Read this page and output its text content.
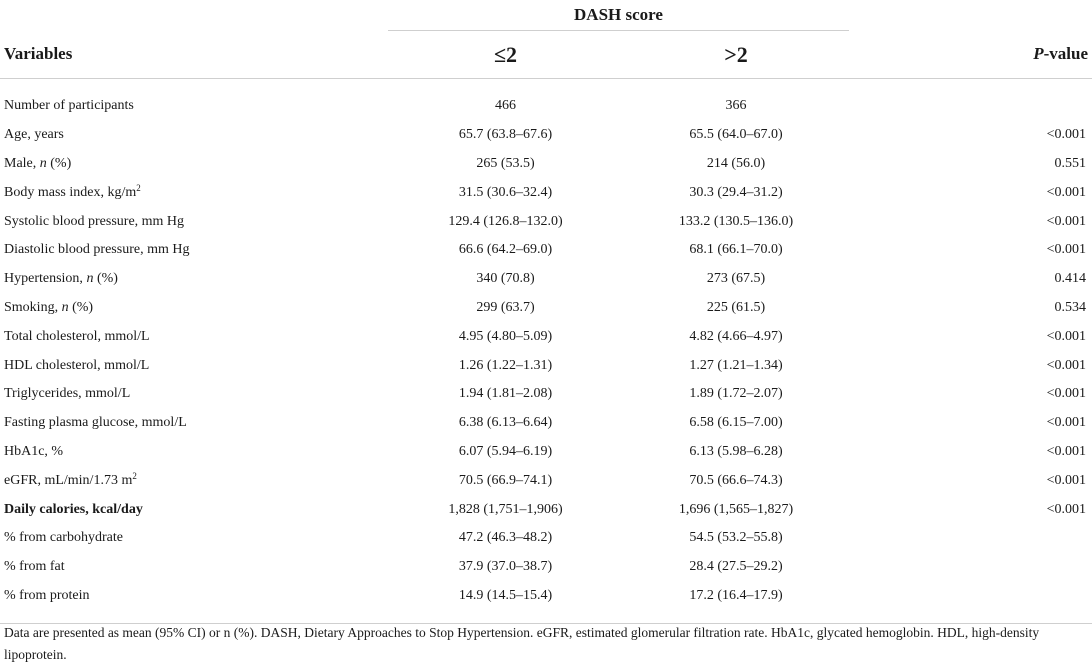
	DASH score		
Variables	≤2	>2	P-value

Number of participants	466	366	
Age, years	65.7 (63.8–67.6)	65.5 (64.0–67.0)	<0.001
Male, n (%)	265 (53.5)	214 (56.0)	0.551
Body mass index, $kg/m^2$	31.5 (30.6–32.4)	30.3 (29.4–31.2)	<0.001
Systolic blood pressure, mm Hg	129.4 (126.8–132.0)	133.2 (130.5–136.0)	<0.001
Diastolic blood pressure, mm Hg	66.6 (64.2–69.0)	68.1 (66.1–70.0)	<0.001
Hypertension, n (%)	340 (70.8)	273 (67.5)	0.414
Smoking, n (%)	299 (63.7)	225 (61.5)	0.534
Total cholesterol, mmol/L	4.95 (4.80–5.09)	4.82 (4.66–4.97)	<0.001
HDL cholesterol, mmol/L	1.26 (1.22–1.31)	1.27 (1.21–1.34)	<0.001
Triglycerides, mmol/L	1.94 (1.81–2.08)	1.89 (1.72–2.07)	<0.001
Fasting plasma glucose, mmol/L	6.38 (6.13–6.64)	6.58 (6.15–7.00)	<0.001
HbA1c, %	6.07 (5.94–6.19)	6.13 (5.98–6.28)	<0.001
eGFR, mL/min/1.73 $m^2$	70.5 (66.9–74.1)	70.5 (66.6–74.3)	<0.001
Daily calories, kcal/day	1,828 (1,751–1,906)	1,696 (1,565–1,827)	<0.001
% from carbohydrate	47.2 (46.3–48.2)	54.5 (53.2–55.8)	
% from fat	37.9 (37.0–38.7)	28.4 (27.5–29.2)	
% from protein	14.9 (14.5–15.4)	17.2 (16.4–17.9)	

Data are presented as mean (95% CI) or n (%). DASH, Dietary Approaches to Stop Hypertension. eGFR, estimated glomerular filtration rate. HbA1c, glycated hemoglobin. HDL, high-density lipoprotein.
